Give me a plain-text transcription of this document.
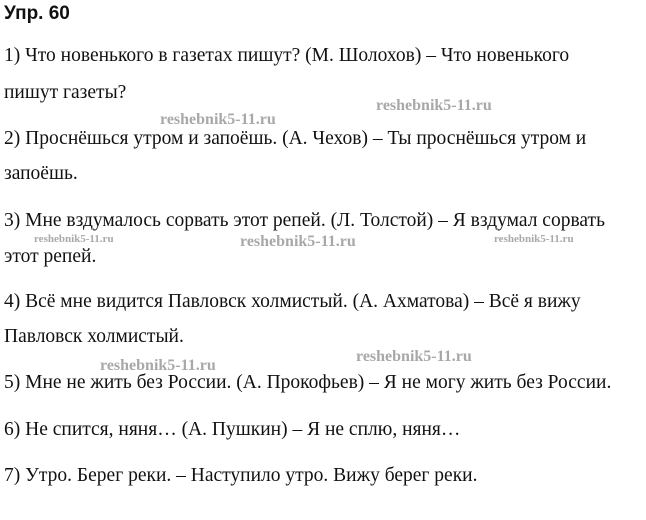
Упр. 60
1) Что новенького в газетах пишут? (М. Шолохов) – Что новенького
пишут газеты?
2) Проснёшься утром и запоёшь. (А. Чехов) – Ты проснёшься утром и
запоёшь.
3) Мне вздумалось сорвать этот репей. (Л. Толстой) – Я вздумал сорвать
этот репей.
4) Всё мне видится Павловск холмистый. (А. Ахматова) – Всё я вижу
Павловск холмистый.
5) Мне не жить без России. (А. Прокофьев) – Я не могу жить без России.
6) Не спится, няня… (А. Пушкин) – Я не сплю, няня…
7) Утро. Берег реки. – Наступило утро. Вижу берег реки.
reshebnik5-11.ru
reshebnik5-11.ru
reshebnik5-11.ru	reshebnik5-11.ru	reshebnik5-11.ru
reshebnik5-11.ru
reshebnik5-11.ru
